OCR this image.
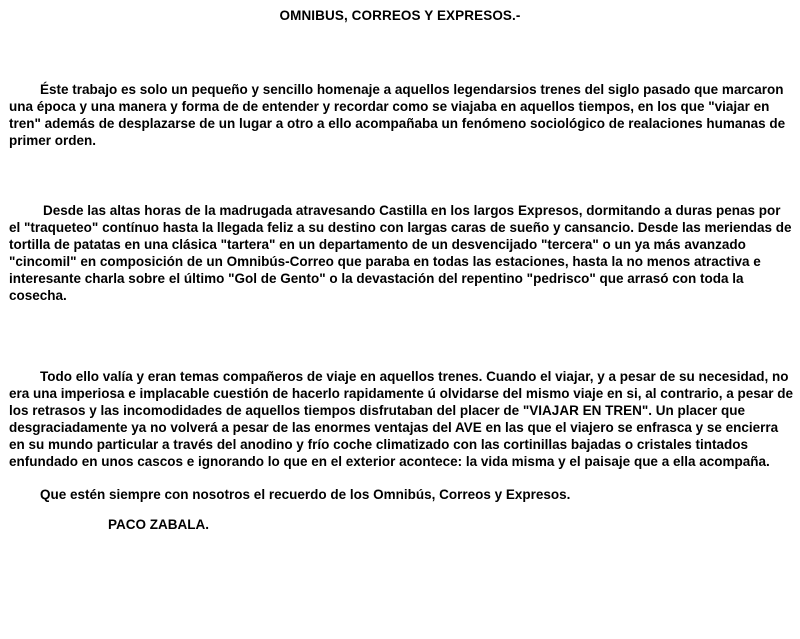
OMNIBUS, CORREOS Y EXPRESOS.-

Éste trabajo es solo un pequeño y sencillo homenaje a aquellos legendarsios trenes del siglo pasado que marcaron una época y una manera y forma de de entender y recordar como se viajaba en aquellos tiempos, en los que "viajar en tren" además de desplazarse de un lugar a otro a ello acompañaba un fenómeno sociológico de realaciones humanas de primer orden.

Desde las altas horas de la madrugada atravesando Castilla en los largos Expresos, dormitando a duras penas por el "traqueteo" contínuo hasta la llegada feliz a su destino con largas caras de sueño y cansancio. Desde las meriendas de tortilla de patatas en una clásica "tartera" en un departamento de un desvencijado "tercera" o un ya más avanzado "cincomil" en composición de un Omnibús-Correo que paraba en todas las estaciones, hasta la no menos atractiva e interesante charla sobre el último "Gol de Gento" o la devastación del repentino "pedrisco" que arrasó con toda la cosecha.

Todo ello valía y eran temas compañeros de viaje en aquellos trenes. Cuando el viajar, y a pesar de su necesidad, no era una imperiosa e implacable cuestión de hacerlo rapidamente ú olvidarse del mismo viaje en si, al contrario, a pesar de los retrasos y las incomodidades de aquellos tiempos disfrutaban del placer de "VIAJAR EN TREN". Un placer que desgraciadamente ya no volverá a pesar de las enormes ventajas del AVE en las que el viajero se enfrasca y se encierra en su mundo particular a través del anodino y frío coche climatizado con las cortinillas bajadas o cristales tintados enfundado en unos cascos e ignorando lo que en el exterior acontece: la vida misma y el paisaje que a ella acompaña.

Que estén siempre con nosotros el recuerdo de los Omnibús, Correos y Expresos.

PACO ZABALA.
